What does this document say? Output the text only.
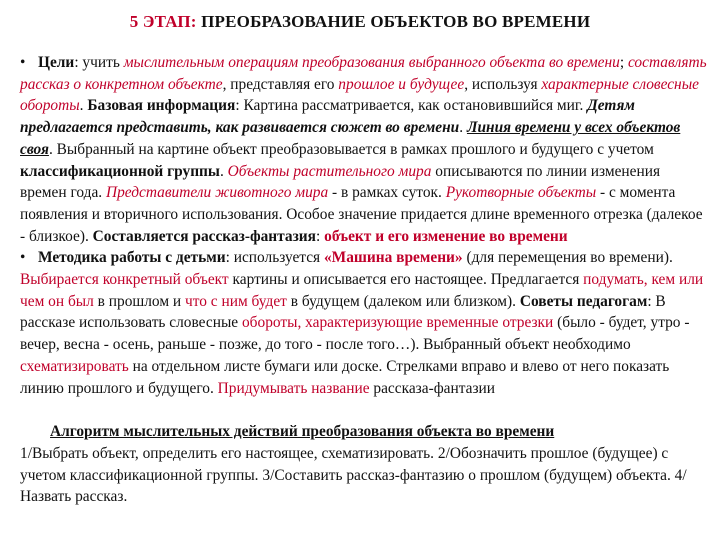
5 ЭТАП: ПРЕОБРАЗОВАНИЕ ОБЪЕКТОВ ВО ВРЕМЕНИ

• Цели: учить мыслительным операциям преобразования выбранного объекта во времени; составлять рассказ о конкретном объекте, представляя его прошлое и будущее, используя характерные словесные обороты. Базовая информация: Картина рассматривается, как остановившийся миг. Детям предлагается представить, как развивается сюжет во времени. Линия времени у всех объектов своя. Выбранный на картине объект преобразовывается в рамках прошлого и будущего с учетом классификационной группы. Объекты растительного мира описываются по линии изменения времен года. Представители животного мира - в рамках суток. Рукотворные объекты - с момента появления и вторичного использования. Особое значение придается длине временного отрезка (далекое - близкое). Составляется рассказ-фантазия: объект и его изменение во времени

• Методика работы с детьми: используется «Машина времени» (для перемещения во времени). Выбирается конкретный объект картины и описывается его настоящее. Предлагается подумать, кем или чем он был в прошлом и что с ним будет в будущем (далеком или близком). Советы педагогам: В рассказе использовать словесные обороты, характеризующие временные отрезки (было - будет, утро - вечер, весна - осень, раньше - позже, до того - после того…). Выбранный объект необходимо схематизировать на отдельном листе бумаги или доске. Стрелками вправо и влево от него показать линию прошлого и будущего. Придумывать название рассказа-фантазии

Алгоритм мыслительных действий преобразования объекта во времени
1/Выбрать объект, определить его настоящее, схематизировать. 2/Обозначить прошлое (будущее) с учетом классификационной группы. 3/Составить рассказ-фантазию о прошлом (будущем) объекта. 4/Назвать рассказ.
